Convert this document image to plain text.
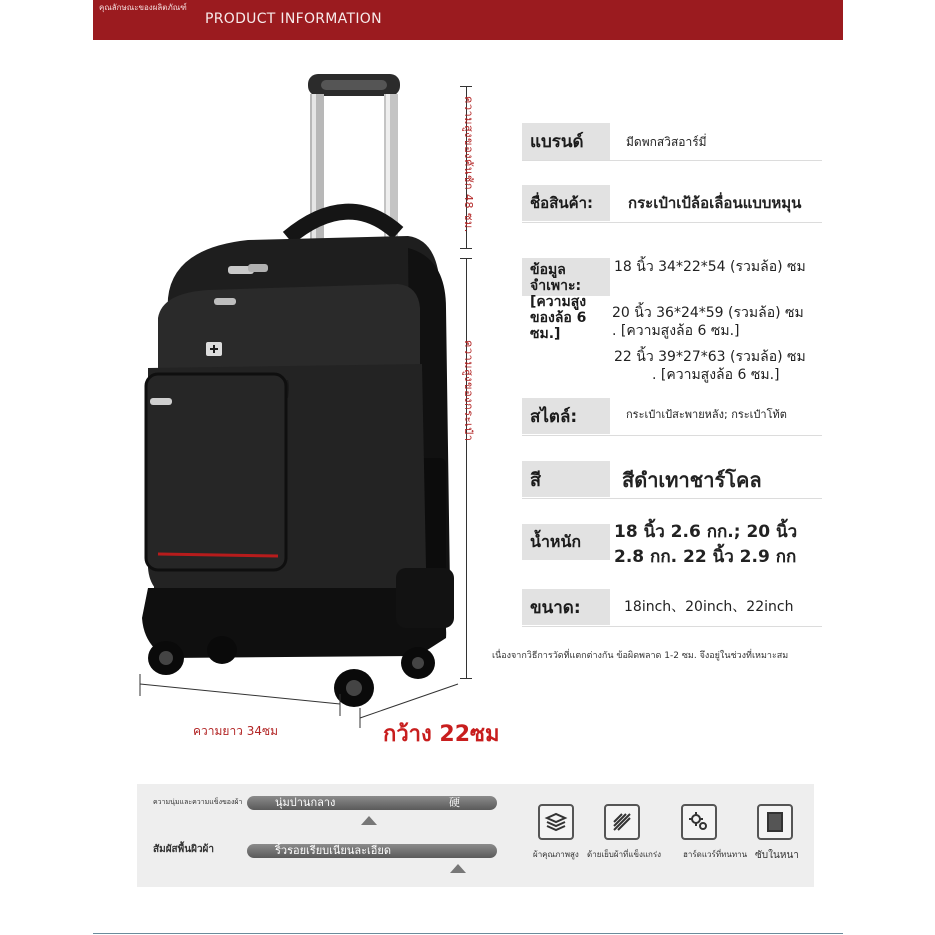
คุณลักษณะของผลิตภัณฑ์
PRODUCT INFORMATION
ความสูงของคันชัก 48 ซม.
ความสูงของกระเป๋า
ความยาว 34ซม	กว้าง 22ซม
แบรนด์	มีดพกสวิสอาร์มี่
ชื่อสินค้า:	กระเป๋าเป้ล้อเลื่อนแบบหมุน
ข้อมูลจำเพาะ: [ความสูงของล้อ 6 ซม.]
18 นิ้ว 34*22*54 (รวมล้อ) ซม
20 นิ้ว 36*24*59 (รวมล้อ) ซม
. [ความสูงล้อ 6 ซม.]
22 นิ้ว 39*27*63 (รวมล้อ) ซม
. [ความสูงล้อ 6 ซม.]
สไตล์:	กระเป๋าเป้สะพายหลัง; กระเป๋าโท้ต
สี	สีดำเทาชาร์โคล
น้ำหนัก	18 นิ้ว 2.6 กก.; 20 นิ้ว
2.8 กก. 22 นิ้ว 2.9 กก
ขนาด:	18inch、20inch、22inch
เนื่องจากวิธีการวัดที่แตกต่างกัน ข้อผิดพลาด 1-2 ซม. จึงอยู่ในช่วงที่เหมาะสม
ความนุ่มและความแข็งของผ้า	นุ่มปานกลาง	硬
สัมผัสพื้นผิวผ้า	ริ้วรอยเรียบเนียนละเอียด	ผ้าคุณภาพสูง ด้ายเย็บผ้าที่แข็งแกร่ง	ฮาร์ดแวร์ที่ทนทาน ซับในหนา
